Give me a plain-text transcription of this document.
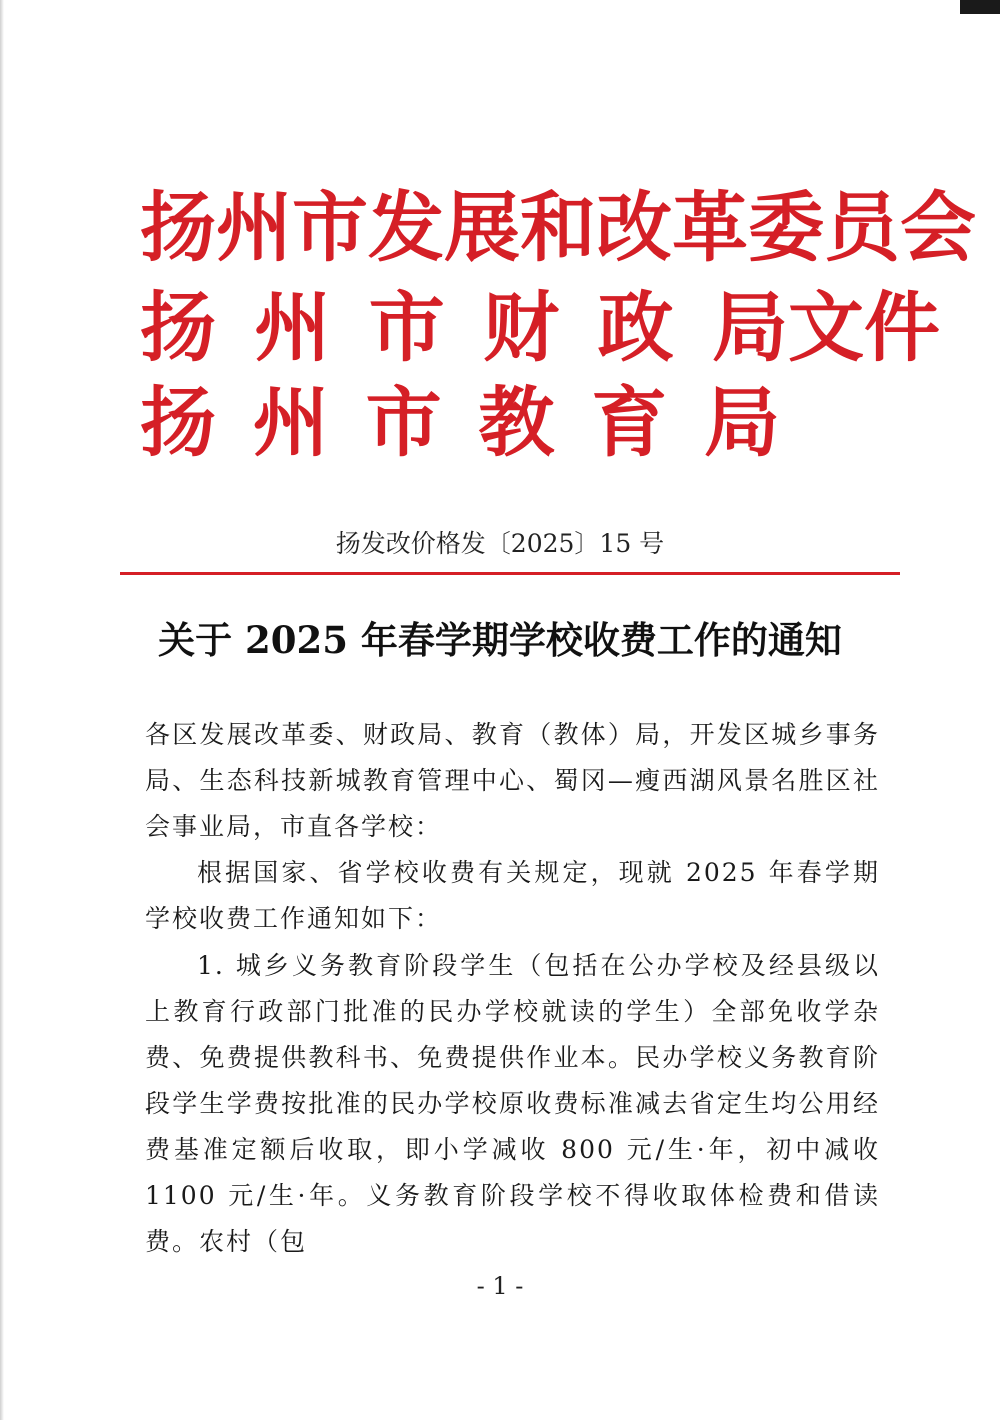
扬州市发展和改革委员会
扬 州 市 财 政 局文件
扬 州 市 教 育 局
扬发改价格发〔2025〕15 号
关于 2025 年春学期学校收费工作的通知

各区发展改革委、财政局、教育（教体）局，开发区城乡事务局、生态科技新城教育管理中心、蜀冈—瘦西湖风景名胜区社会事业局，市直各学校：

根据国家、省学校收费有关规定，现就 2025 年春学期学校收费工作通知如下：

1. 城乡义务教育阶段学生（包括在公办学校及经县级以上教育行政部门批准的民办学校就读的学生）全部免收学杂费、免费提供教科书、免费提供作业本。民办学校义务教育阶段学生学费按批准的民办学校原收费标准减去省定生均公用经费基准定额后收取，即小学减收 800 元/生·年，初中减收 1100 元/生·年。义务教育阶段学校不得收取体检费和借读费。农村（包

- 1 -
